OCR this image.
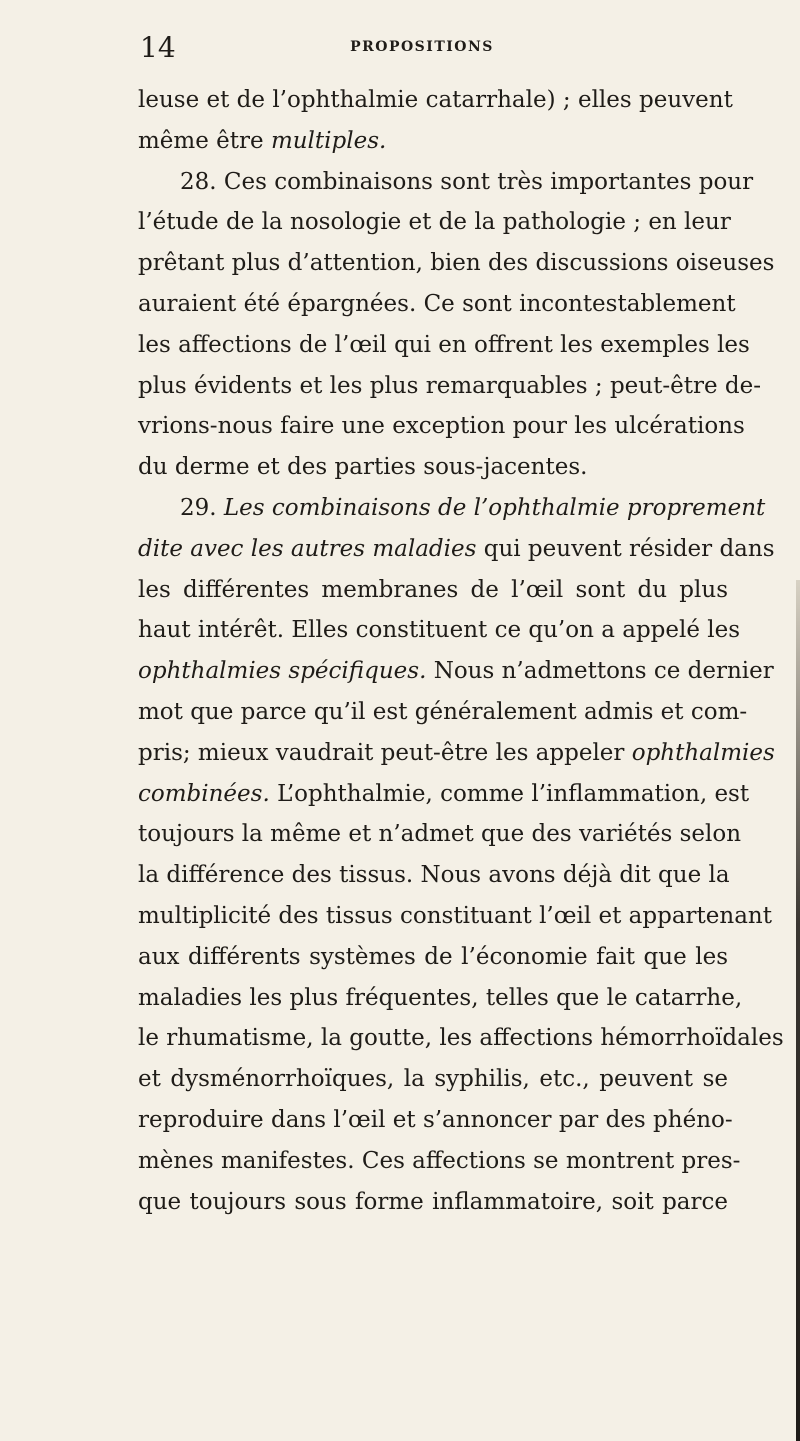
14	PROPOSITIONS
leuse et de l’ophthalmie catarrhale) ; elles peuvent
même être multiples.
28. Ces combinaisons sont très importantes pour
l’étude de la nosologie et de la pathologie ; en leur
prêtant plus d’attention, bien des discussions oiseuses
auraient été épargnées. Ce sont incontestablement
les affections de l’œil qui en offrent les exemples les
plus évidents et les plus remarquables ; peut-être de-
vrions-nous faire une exception pour les ulcérations
du derme et des parties sous-jacentes.
29. Les combinaisons de l’ophthalmie proprement
dite avec les autres maladies qui peuvent résider dans
les différentes membranes de l’œil sont du plus
haut intérêt. Elles constituent ce qu’on a appelé les
ophthalmies spécifiques. Nous n’admettons ce dernier
mot que parce qu’il est généralement admis et com-
pris; mieux vaudrait peut-être les appeler ophthalmies
combinées. L’ophthalmie, comme l’inflammation, est
toujours la même et n’admet que des variétés selon
la différence des tissus. Nous avons déjà dit que la
multiplicité des tissus constituant l’œil et appartenant
aux différents systèmes de l’économie fait que les
maladies les plus fréquentes, telles que le catarrhe,
le rhumatisme, la goutte, les affections hémorrhoïdales
et dysménorrhoïques, la syphilis, etc., peuvent se
reproduire dans l’œil et s’annoncer par des phéno-
mènes manifestes. Ces affections se montrent pres-
que toujours sous forme inflammatoire, soit parce
